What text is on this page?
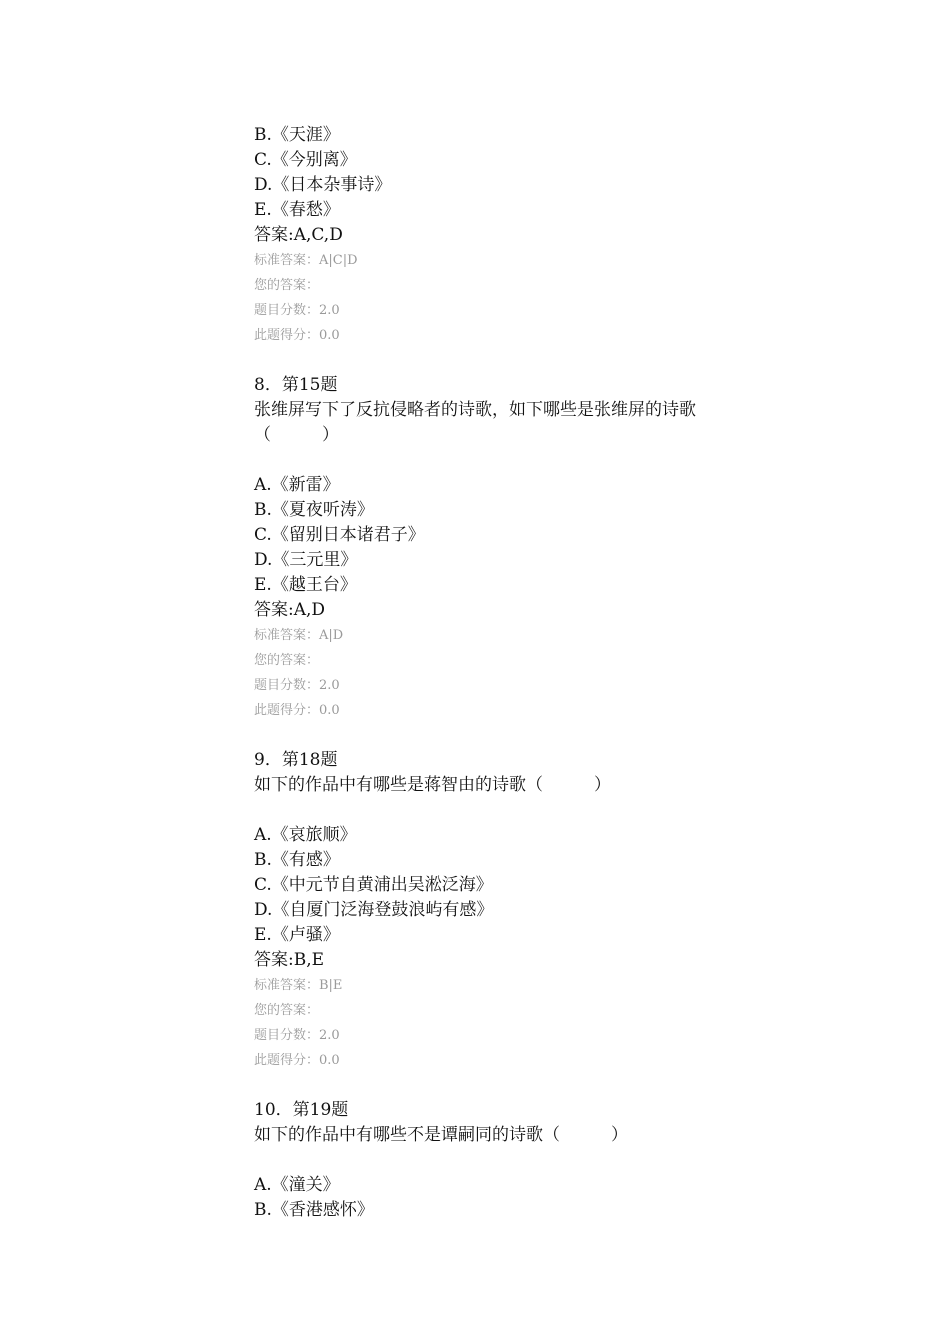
B.《天涯》
C.《今别离》
D.《日本杂事诗》
E.《春愁》
答案:A,C,D
标准答案：A|C|D
您的答案：
题目分数：2.0
此题得分：0.0
8．第15题
张维屏写下了反抗侵略者的诗歌，如下哪些是张维屏的诗歌（　　　）
A.《新雷》
B.《夏夜听涛》
C.《留别日本诸君子》
D.《三元里》
E.《越王台》
答案:A,D
标准答案：A|D
您的答案：
题目分数：2.0
此题得分：0.0
9．第18题
如下的作品中有哪些是蒋智由的诗歌（　　　）
A.《哀旅顺》
B.《有感》
C.《中元节自黄浦出吴淞泛海》
D.《自厦门泛海登鼓浪屿有感》
E.《卢骚》
答案:B,E
标准答案：B|E
您的答案：
题目分数：2.0
此题得分：0.0
10．第19题
如下的作品中有哪些不是谭嗣同的诗歌（　　　）
A.《潼关》
B.《香港感怀》
